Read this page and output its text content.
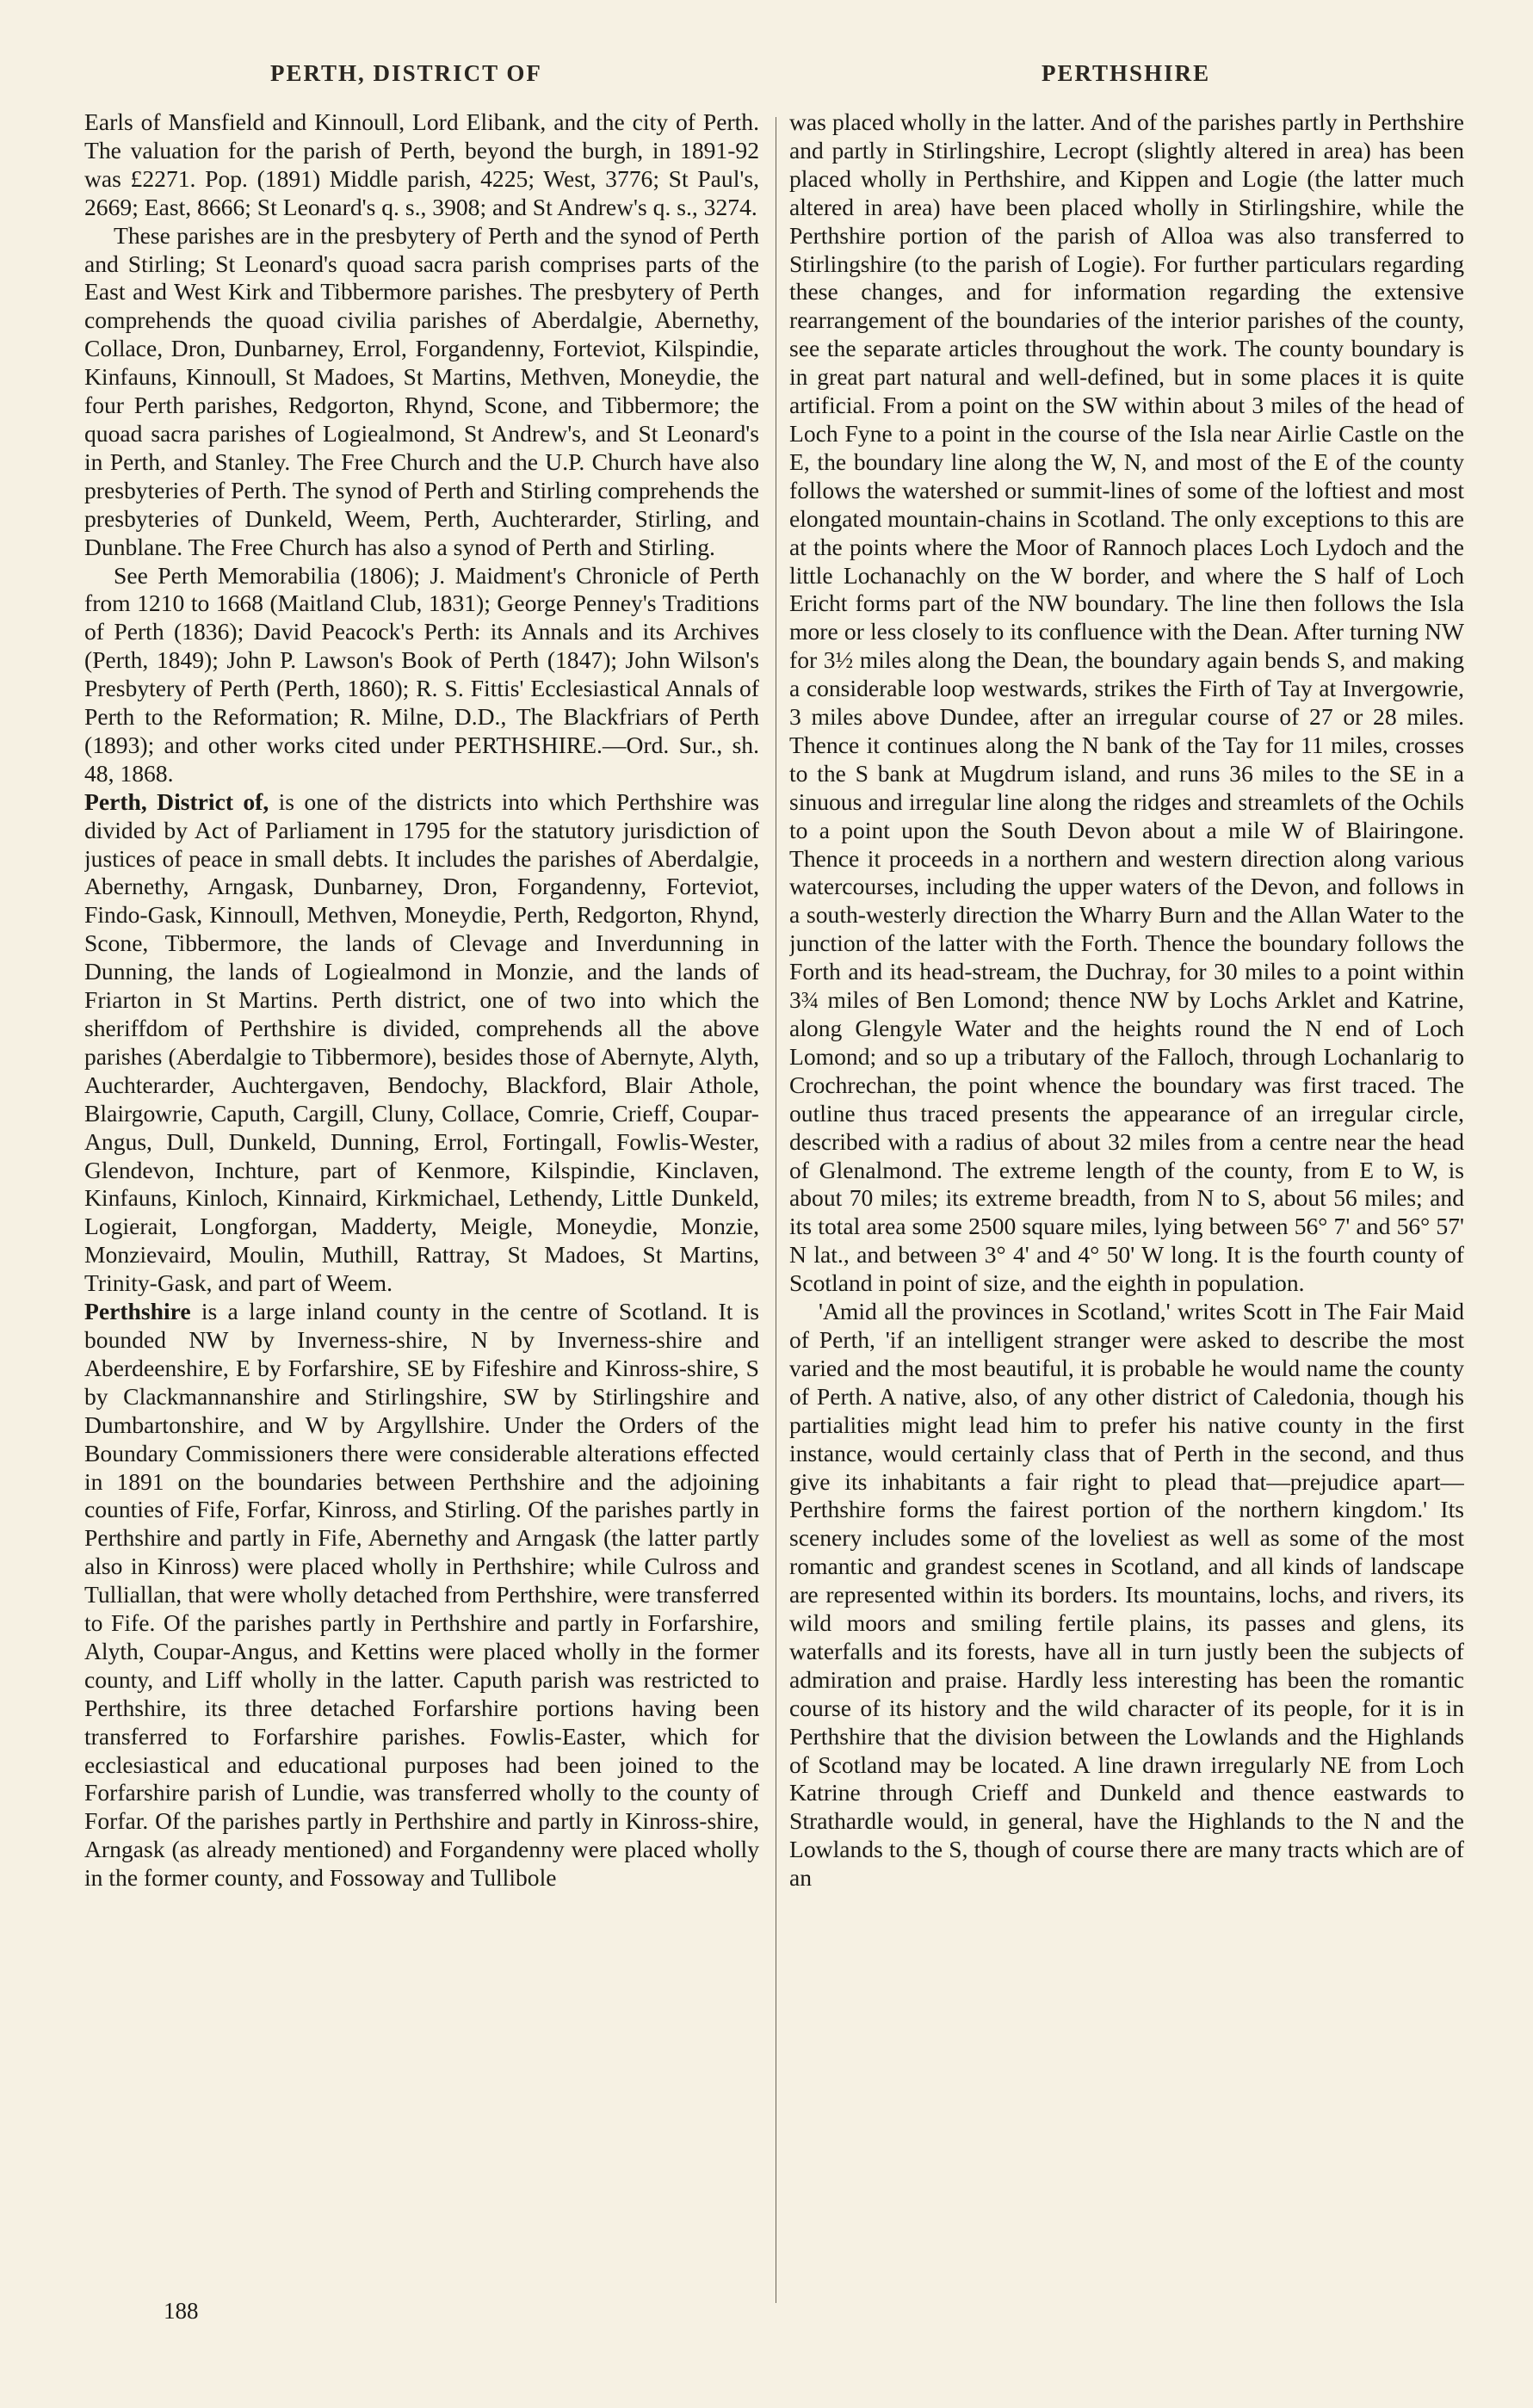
PERTH, DISTRICT OF	PERTHSHIRE

Earls of Mansfield and Kinnoull, Lord Elibank, and the city of Perth. The valuation for the parish of Perth, beyond the burgh, in 1891-92 was £2271. Pop. (1891) Middle parish, 4225; West, 3776; St Paul's, 2669; East, 8666; St Leonard's q. s., 3908; and St Andrew's q. s., 3274.

These parishes are in the presbytery of Perth and the synod of Perth and Stirling; St Leonard's quoad sacra parish comprises parts of the East and West Kirk and Tibbermore parishes. The presbytery of Perth comprehends the quoad civilia parishes of Aberdalgie, Abernethy, Collace, Dron, Dunbarney, Errol, Forgandenny, Forteviot, Kilspindie, Kinfauns, Kinnoull, St Madoes, St Martins, Methven, Moneydie, the four Perth parishes, Redgorton, Rhynd, Scone, and Tibbermore; the quoad sacra parishes of Logiealmond, St Andrew's, and St Leonard's in Perth, and Stanley. The Free Church and the U.P. Church have also presbyteries of Perth. The synod of Perth and Stirling comprehends the presbyteries of Dunkeld, Weem, Perth, Auchterarder, Stirling, and Dunblane. The Free Church has also a synod of Perth and Stirling.

See Perth Memorabilia (1806); J. Maidment's Chronicle of Perth from 1210 to 1668 (Maitland Club, 1831); George Penney's Traditions of Perth (1836); David Peacock's Perth: its Annals and its Archives (Perth, 1849); John P. Lawson's Book of Perth (1847); John Wilson's Presbytery of Perth (Perth, 1860); R. S. Fittis' Ecclesiastical Annals of Perth to the Reformation; R. Milne, D.D., The Blackfriars of Perth (1893); and other works cited under PERTHSHIRE.—Ord. Sur., sh. 48, 1868.

Perth, District of, is one of the districts into which Perthshire was divided by Act of Parliament in 1795 for the statutory jurisdiction of justices of peace in small debts. It includes the parishes of Aberdalgie, Abernethy, Arngask, Dunbarney, Dron, Forgandenny, Forteviot, Findo-Gask, Kinnoull, Methven, Moneydie, Perth, Redgorton, Rhynd, Scone, Tibbermore, the lands of Clevage and Inverdunning in Dunning, the lands of Logiealmond in Monzie, and the lands of Friarton in St Martins. Perth district, one of two into which the sheriffdom of Perthshire is divided, comprehends all the above parishes (Aberdalgie to Tibbermore), besides those of Abernyte, Alyth, Auchterarder, Auchtergaven, Bendochy, Blackford, Blair Athole, Blairgowrie, Caputh, Cargill, Cluny, Collace, Comrie, Crieff, Coupar-Angus, Dull, Dunkeld, Dunning, Errol, Fortingall, Fowlis-Wester, Glendevon, Inchture, part of Kenmore, Kilspindie, Kinclaven, Kinfauns, Kinloch, Kinnaird, Kirkmichael, Lethendy, Little Dunkeld, Logierait, Longforgan, Madderty, Meigle, Moneydie, Monzie, Monzievaird, Moulin, Muthill, Rattray, St Madoes, St Martins, Trinity-Gask, and part of Weem.

Perthshire is a large inland county in the centre of Scotland. It is bounded NW by Inverness-shire, N by Inverness-shire and Aberdeenshire, E by Forfarshire, SE by Fifeshire and Kinross-shire, S by Clackmannanshire and Stirlingshire, SW by Stirlingshire and Dumbartonshire, and W by Argyllshire. Under the Orders of the Boundary Commissioners there were considerable alterations effected in 1891 on the boundaries between Perthshire and the adjoining counties of Fife, Forfar, Kinross, and Stirling. Of the parishes partly in Perthshire and partly in Fife, Abernethy and Arngask (the latter partly also in Kinross) were placed wholly in Perthshire; while Culross and Tulliallan, that were wholly detached from Perthshire, were transferred to Fife. Of the parishes partly in Perthshire and partly in Forfarshire, Alyth, Coupar-Angus, and Kettins were placed wholly in the former county, and Liff wholly in the latter. Caputh parish was restricted to Perthshire, its three detached Forfarshire portions having been transferred to Forfarshire parishes. Fowlis-Easter, which for ecclesiastical and educational purposes had been joined to the Forfarshire parish of Lundie, was transferred wholly to the county of Forfar. Of the parishes partly in Perthshire and partly in Kinross-shire, Arngask (as already mentioned) and Forgandenny were placed wholly in the former county, and Fossoway and Tullibole

was placed wholly in the latter. And of the parishes partly in Perthshire and partly in Stirlingshire, Lecropt (slightly altered in area) has been placed wholly in Perthshire, and Kippen and Logie (the latter much altered in area) have been placed wholly in Stirlingshire, while the Perthshire portion of the parish of Alloa was also transferred to Stirlingshire (to the parish of Logie). For further particulars regarding these changes, and for information regarding the extensive rearrangement of the boundaries of the interior parishes of the county, see the separate articles throughout the work. The county boundary is in great part natural and well-defined, but in some places it is quite artificial. From a point on the SW within about 3 miles of the head of Loch Fyne to a point in the course of the Isla near Airlie Castle on the E, the boundary line along the W, N, and most of the E of the county follows the watershed or summit-lines of some of the loftiest and most elongated mountain-chains in Scotland. The only exceptions to this are at the points where the Moor of Rannoch places Loch Lydoch and the little Lochanachly on the W border, and where the S half of Loch Ericht forms part of the NW boundary. The line then follows the Isla more or less closely to its confluence with the Dean. After turning NW for 3½ miles along the Dean, the boundary again bends S, and making a considerable loop westwards, strikes the Firth of Tay at Invergowrie, 3 miles above Dundee, after an irregular course of 27 or 28 miles. Thence it continues along the N bank of the Tay for 11 miles, crosses to the S bank at Mugdrum island, and runs 36 miles to the SE in a sinuous and irregular line along the ridges and streamlets of the Ochils to a point upon the South Devon about a mile W of Blairingone. Thence it proceeds in a northern and western direction along various watercourses, including the upper waters of the Devon, and follows in a south-westerly direction the Wharry Burn and the Allan Water to the junction of the latter with the Forth. Thence the boundary follows the Forth and its head-stream, the Duchray, for 30 miles to a point within 3¾ miles of Ben Lomond; thence NW by Lochs Arklet and Katrine, along Glengyle Water and the heights round the N end of Loch Lomond; and so up a tributary of the Falloch, through Lochanlarig to Crochrechan, the point whence the boundary was first traced. The outline thus traced presents the appearance of an irregular circle, described with a radius of about 32 miles from a centre near the head of Glenalmond. The extreme length of the county, from E to W, is about 70 miles; its extreme breadth, from N to S, about 56 miles; and its total area some 2500 square miles, lying between 56° 7' and 56° 57' N lat., and between 3° 4' and 4° 50' W long. It is the fourth county of Scotland in point of size, and the eighth in population.

'Amid all the provinces in Scotland,' writes Scott in The Fair Maid of Perth, 'if an intelligent stranger were asked to describe the most varied and the most beautiful, it is probable he would name the county of Perth. A native, also, of any other district of Caledonia, though his partialities might lead him to prefer his native county in the first instance, would certainly class that of Perth in the second, and thus give its inhabitants a fair right to plead that—prejudice apart—Perthshire forms the fairest portion of the northern kingdom.' Its scenery includes some of the loveliest as well as some of the most romantic and grandest scenes in Scotland, and all kinds of landscape are represented within its borders. Its mountains, lochs, and rivers, its wild moors and smiling fertile plains, its passes and glens, its waterfalls and its forests, have all in turn justly been the subjects of admiration and praise. Hardly less interesting has been the romantic course of its history and the wild character of its people, for it is in Perthshire that the division between the Lowlands and the Highlands of Scotland may be located. A line drawn irregularly NE from Loch Katrine through Crieff and Dunkeld and thence eastwards to Strathardle would, in general, have the Highlands to the N and the Lowlands to the S, though of course there are many tracts which are of an

188
